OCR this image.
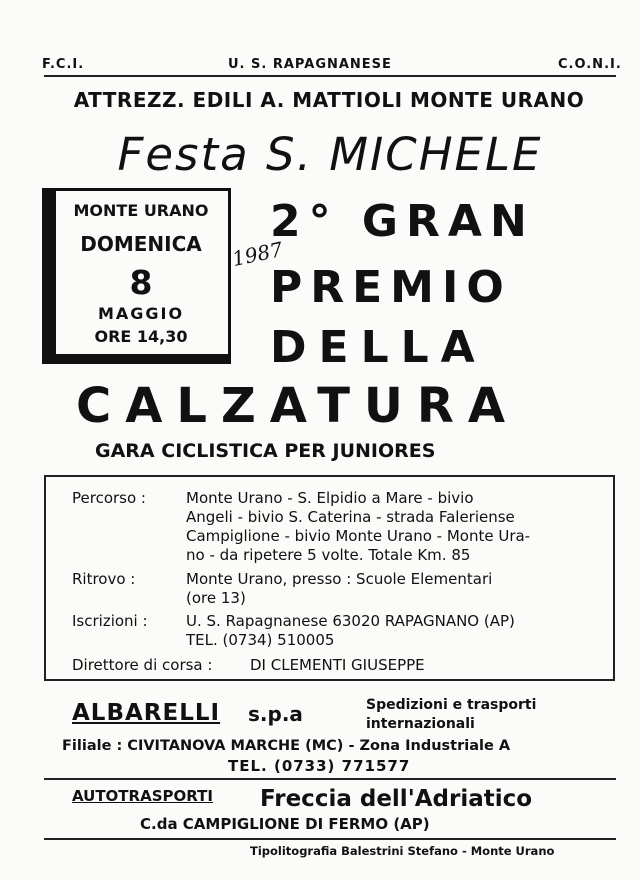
F.C.I.	U. S. RAPAGNANESE	C.O.N.I.
ATTREZZ. EDILI A. MATTIOLI MONTE URANO
Festa S. MICHELE
MONTE URANO
DOMENICA
8
MAGGIO
ORE 14,30
1987
2° GRAN
PREMIO
DELLA
CALZATURA
GARA CICLISTICA PER JUNIORES
Percorso :	Monte Urano - S. Elpidio a Mare - bivio
Angeli - bivio S. Caterina - strada Faleriense
Campiglione - bivio Monte Urano - Monte Ura-
no - da ripetere 5 volte. Totale Km. 85
Ritrovo :	Monte Urano, presso : Scuole Elementari
(ore 13)
Iscrizioni :	U. S. Rapagnanese 63020 RAPAGNANO (AP)
TEL. (0734) 510005
Direttore di corsa :	DI CLEMENTI GIUSEPPE
ALBARELLI s.p.a	Spedizioni e trasporti
internazionali
Filiale : CIVITANOVA MARCHE (MC) - Zona Industriale A
TEL. (0733) 771577
AUTOTRASPORTI Freccia dell'Adriatico
C.da CAMPIGLIONE DI FERMO (AP)
Tipolitografia Balestrini Stefano - Monte Urano
